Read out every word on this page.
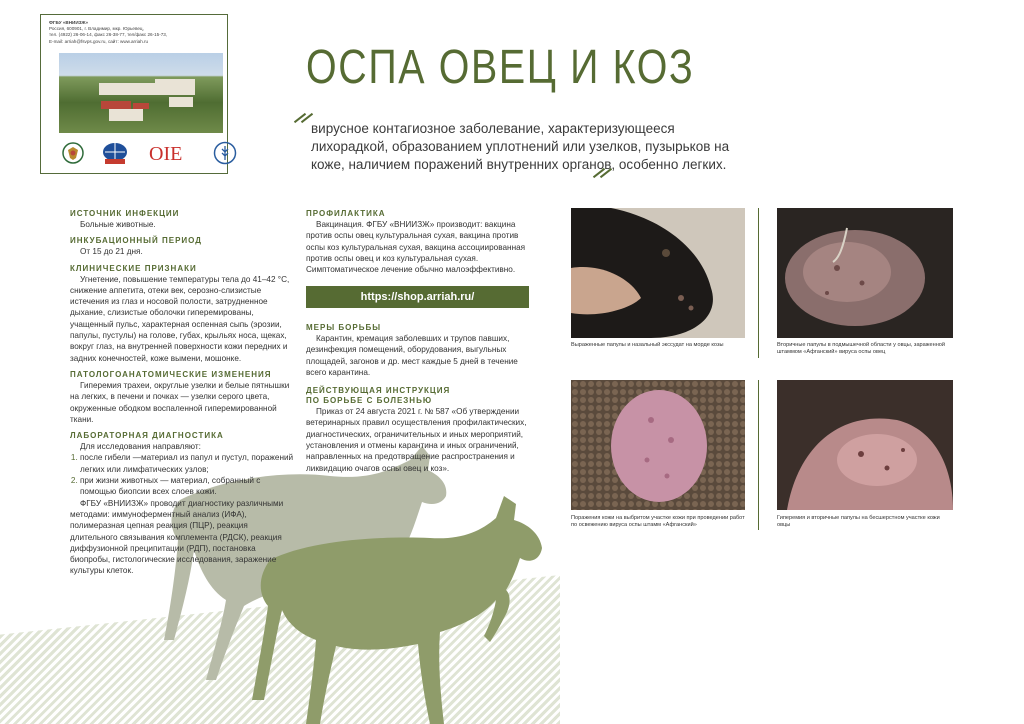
ФГБУ «ВНИИЗЖ»
Россия, 600901, г. Владимир, мкр. Юрьевец,
тел. (4922) 26-06-14, факс 26-38-77, тел/факс 26-15-73,
E-mail: arriah@fsvps.gov.ru, сайт: www.arriah.ru
OIE
ОСПА ОВЕЦ И КОЗ
вирусное контагиозное заболевание, характеризующееся лихорадкой, образованием уплотнений или узелков, пузырьков на коже, наличием поражений внутренних органов, особенно легких.
ИСТОЧНИК ИНФЕКЦИИ

Больные животные.

ИНКУБАЦИОННЫЙ ПЕРИОД

От 15 до 21 дня.

КЛИНИЧЕСКИЕ ПРИЗНАКИ

Угнетение, повышение температуры тела до 41–42 °С, снижение аппетита, отеки век, серозно-слизистые истечения из глаз и носовой полости, затрудненное дыхание, слизистые оболочки гиперемированы, учащенный пульс, характерная оспенная сыпь (эрозии, папулы, пустулы) на голове, губах, крыльях носа, щеках, вокруг глаз, на внутренней поверхности кожи передних и задних конечностей, коже вымени, мошонке.

ПАТОЛОГОАНАТОМИЧЕСКИЕ ИЗМЕНЕНИЯ

Гиперемия трахеи, округлые узелки и белые пятнышки на легких, в печени и почках — узелки серого цвета, окруженные ободком воспаленной гиперемированной ткани.

ЛАБОРАТОРНАЯ ДИАГНОСТИКА

Для исследования направляют:

1. после гибели —материал из папул и пустул, поражений легких или лимфатических узлов;
2. при жизни животных — материал, собранный с помощью биопсии всех слоев кожи.

ФГБУ «ВНИИЗЖ» проводит диагностику различными методами: иммуноферментный анализ (ИФА), полимеразная цепная реакция (ПЦР), реакция длительного связывания комплемента (РДСК), реакция диффузионной преципитации (РДП), постановка биопробы, гистологические исследования, заражение культуры клеток.

ПРОФИЛАКТИКА

Вакцинация. ФГБУ «ВНИИЗЖ» производит: вакцина против оспы овец культуральная сухая, вакцина против оспы коз культуральная сухая, вакцина ассоциированная против оспы овец и коз культуральная сухая. Симптоматическое лечение обычно малоэффективно.

https://shop.arriah.ru/
МЕРЫ БОРЬБЫ

Карантин, кремация заболевших и трупов павших, дезинфекция помещений, оборудования, выгульных площадей, загонов и др. мест каждые 5 дней в течение всего карантина.

ДЕЙСТВУЮЩАЯ ИНСТРУКЦИЯ
ПО БОРЬБЕ С БОЛЕЗНЬЮ

Приказ от 24 августа 2021 г. № 587 «Об утверждении ветеринарных правил осуществления профилактических, диагностических, ограничительных и иных мероприятий, установления и отмены карантина и иных ограничений, направленных на предотвращение распространения и ликвидацию очагов оспы овец и коз».

Выраженные папулы и назальный экссудат на морде козы	Вторичные папулы в подмышечной области у овцы, зараженной штаммом «Афганский» вируса оспы овец
Поражения кожи на выбритом участке кожи при проведении работ по освежению вируса оспы штамм «Афганский»
Гиперемия и вторичные папулы на бесшерстном участке кожи овцы
